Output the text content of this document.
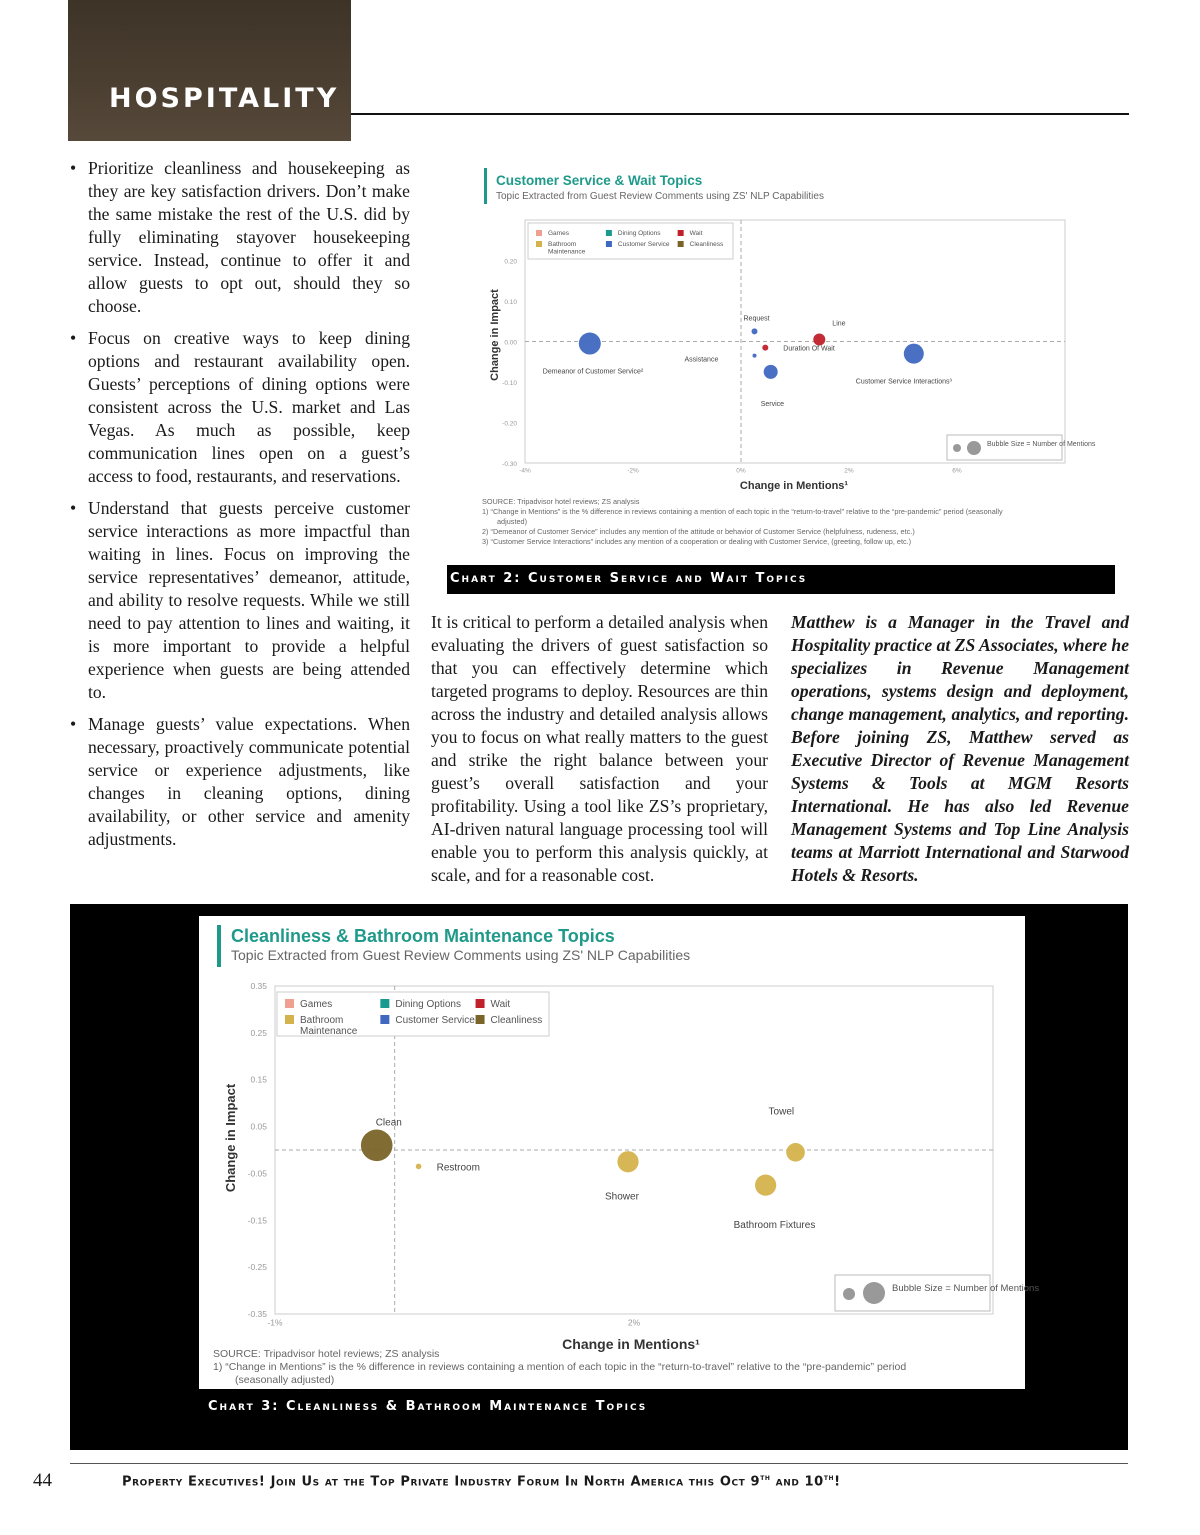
HOSPITALITY
• Prioritize cleanliness and housekeeping as they are key satisfaction drivers. Don’t make the same mistake the rest of the U.S. did by fully eliminating stayover housekeeping service. Instead, continue to offer it and allow guests to opt out, should they so choose.
• Focus on creative ways to keep dining options and restaurant availability open. Guests’ perceptions of dining options were consistent across the U.S. market and Las Vegas. As much as possible, keep communication lines open on a guest’s access to food, restaurants, and reservations.
• Understand that guests perceive customer service interactions as more impactful than waiting in lines. Focus on improving the service representatives’ demeanor, attitude, and ability to resolve requests. While we still need to pay attention to lines and waiting, it is more important to provide a helpful experience when guests are being attended to.
• Manage guests’ value expectations. When necessary, proactively communicate potential service or experience adjustments, like changes in cleaning options, dining availability, or other service and amenity adjustments.
Customer Service & Wait Topics
Topic Extracted from Guest Review Comments using ZS' NLP Capabilities
0.20
0.10
0.00
-0.10
-0.20
-0.30
-4%	-2%	0%	2%	6%
Games	Dining Options	Wait
Bathroom
Maintenance
Customer Service	Cleanliness
Demeanor of Customer Service²
Request
Line
Assistance
Duration Of Wait
Service
Customer Service Interactions³
Change in Mentions¹
Change in Impact
Bubble Size = Number of Mentions
SOURCE: Tripadvisor hotel reviews; ZS analysis
1) “Change in Mentions” is the % difference in reviews containing a mention of each topic in the “return-to-travel” relative to the “pre-pandemic” period (seasonally
adjusted)
2) “Demeanor of Customer Service” includes any mention of the attitude or behavior of Customer Service (helpfulness, rudeness, etc.)
3) “Customer Service Interactions” includes any mention of a cooperation or dealing with Customer Service, (greeting, follow up, etc.)
Chart 2: Customer Service and Wait Topics

It is critical to perform a detailed analysis when evaluating the drivers of guest satisfaction so that you can effectively determine which targeted programs to deploy. Resources are thin across the industry and detailed analysis allows you to focus on what really matters to the guest and strike the right balance between your guest’s overall satisfaction and your profitability. Using a tool like ZS’s proprietary, AI-driven natural language processing tool will enable you to perform this analysis quickly, at scale, and for a reasonable cost.

Matthew is a Manager in the Travel and Hospitality practice at ZS Associates, where he specializes in Revenue Management operations, systems design and deployment, change management, analytics, and reporting. Before joining ZS, Matthew served as Executive Director of Revenue Management Systems & Tools at MGM Resorts International. He has also led Revenue Management Systems and Top Line Analysis teams at Marriott International and Starwood Hotels & Resorts.

Cleanliness & Bathroom Maintenance Topics
Topic Extracted from Guest Review Comments using ZS' NLP Capabilities
0.35
0.25
0.15
0.05
-0.05
-0.15
-0.25
-0.35
-1%	2%
Games	Dining Options	Wait
Bathroom
Maintenance
Customer Service Cleanliness
Clean
Restroom
Shower
Towel
Bathroom Fixtures
Change in Mentions¹
Change in Impact
Bubble Size = Number of Mentions
SOURCE: Tripadvisor hotel reviews; ZS analysis
1) “Change in Mentions” is the % difference in reviews containing a mention of each topic in the “return-to-travel” relative to the “pre-pandemic” period
(seasonally adjusted)
Chart 3: Cleanliness & Bathroom Maintenance Topics
44	Property Executives! Join Us at the Top Private Industry Forum In North America this Oct 9th and 10th!
